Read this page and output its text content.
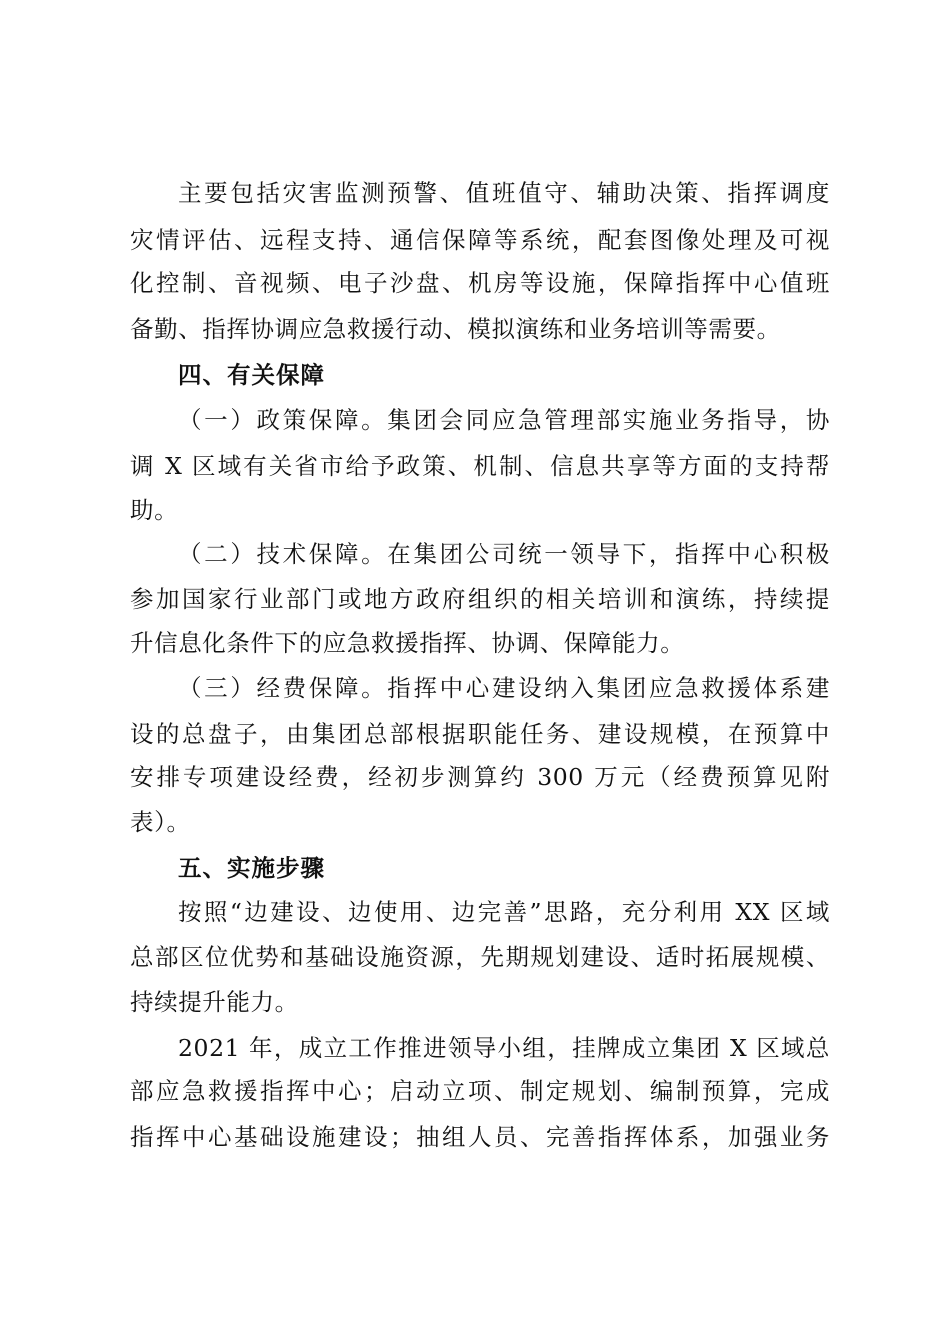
主要包括灾害监测预警、值班值守、辅助决策、指挥调度
灾情评估、远程支持、通信保障等系统，配套图像处理及可视
化控制、音视频、电子沙盘、机房等设施，保障指挥中心值班
备勤、指挥协调应急救援行动、模拟演练和业务培训等需要。
四、有关保障
（一）政策保障。集团会同应急管理部实施业务指导，协
调 X 区域有关省市给予政策、机制、信息共享等方面的支持帮
助。
（二）技术保障。在集团公司统一领导下，指挥中心积极
参加国家行业部门或地方政府组织的相关培训和演练，持续提
升信息化条件下的应急救援指挥、协调、保障能力。
（三）经费保障。指挥中心建设纳入集团应急救援体系建
设的总盘子，由集团总部根据职能任务、建设规模，在预算中
安排专项建设经费，经初步测算约 300 万元（经费预算见附
表）。
五、实施步骤
按照“边建设、边使用、边完善”思路，充分利用 XX 区域
总部区位优势和基础设施资源，先期规划建设、适时拓展规模、
持续提升能力。
2021 年，成立工作推进领导小组，挂牌成立集团 X 区域总
部应急救援指挥中心；启动立项、制定规划、编制预算，完成
指挥中心基础设施建设；抽组人员、完善指挥体系，加强业务
